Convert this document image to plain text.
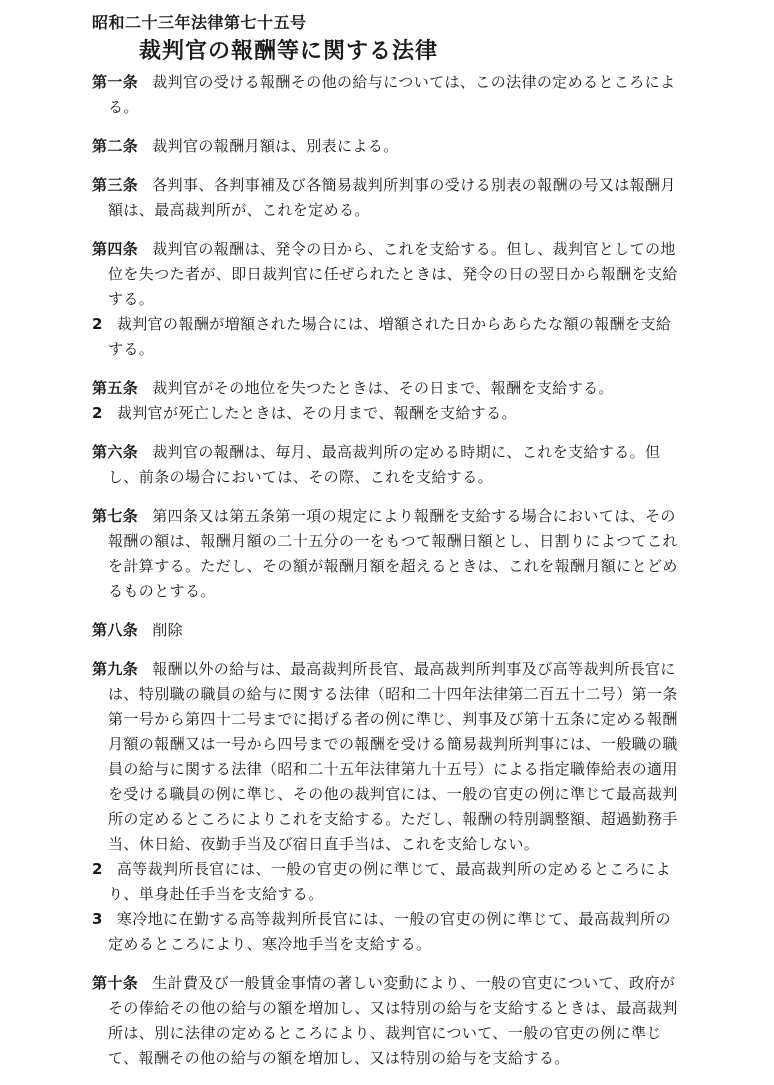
昭和二十三年法律第七十五号
裁判官の報酬等に関する法律
第一条 裁判官の受ける報酬その他の給与については、この法律の定めるところによる。
第二条 裁判官の報酬月額は、別表による。
第三条 各判事、各判事補及び各簡易裁判所判事の受ける別表の報酬の号又は報酬月額は、最高裁判所が、これを定める。
第四条 裁判官の報酬は、発令の日から、これを支給する。但し、裁判官としての地位を失つた者が、即日裁判官に任ぜられたときは、発令の日の翌日から報酬を支給する。
2 裁判官の報酬が増額された場合には、増額された日からあらたな額の報酬を支給する。
第五条 裁判官がその地位を失つたときは、その日まで、報酬を支給する。
2 裁判官が死亡したときは、その月まで、報酬を支給する。
第六条 裁判官の報酬は、毎月、最高裁判所の定める時期に、これを支給する。但し、前条の場合においては、その際、これを支給する。
第七条 第四条又は第五条第一項の規定により報酬を支給する場合においては、その報酬の額は、報酬月額の二十五分の一をもつて報酬日額とし、日割りによつてこれを計算する。ただし、その額が報酬月額を超えるときは、これを報酬月額にとどめるものとする。
第八条 削除
第九条 報酬以外の給与は、最高裁判所長官、最高裁判所判事及び高等裁判所長官には、特別職の職員の給与に関する法律（昭和二十四年法律第二百五十二号）第一条第一号から第四十二号までに掲げる者の例に準じ、判事及び第十五条に定める報酬月額の報酬又は一号から四号までの報酬を受ける簡易裁判所判事には、一般職の職員の給与に関する法律（昭和二十五年法律第九十五号）による指定職俸給表の適用を受ける職員の例に準じ、その他の裁判官には、一般の官吏の例に準じて最高裁判所の定めるところによりこれを支給する。ただし、報酬の特別調整額、超過勤務手当、休日給、夜勤手当及び宿日直手当は、これを支給しない。
2 高等裁判所長官には、一般の官吏の例に準じて、最高裁判所の定めるところにより、単身赴任手当を支給する。
3 寒冷地に在勤する高等裁判所長官には、一般の官吏の例に準じて、最高裁判所の定めるところにより、寒冷地手当を支給する。
第十条 生計費及び一般賃金事情の著しい変動により、一般の官吏について、政府がその俸給その他の給与の額を増加し、又は特別の給与を支給するときは、最高裁判所は、別に法律の定めるところにより、裁判官について、一般の官吏の例に準じて、報酬その他の給与の額を増加し、又は特別の給与を支給する。
